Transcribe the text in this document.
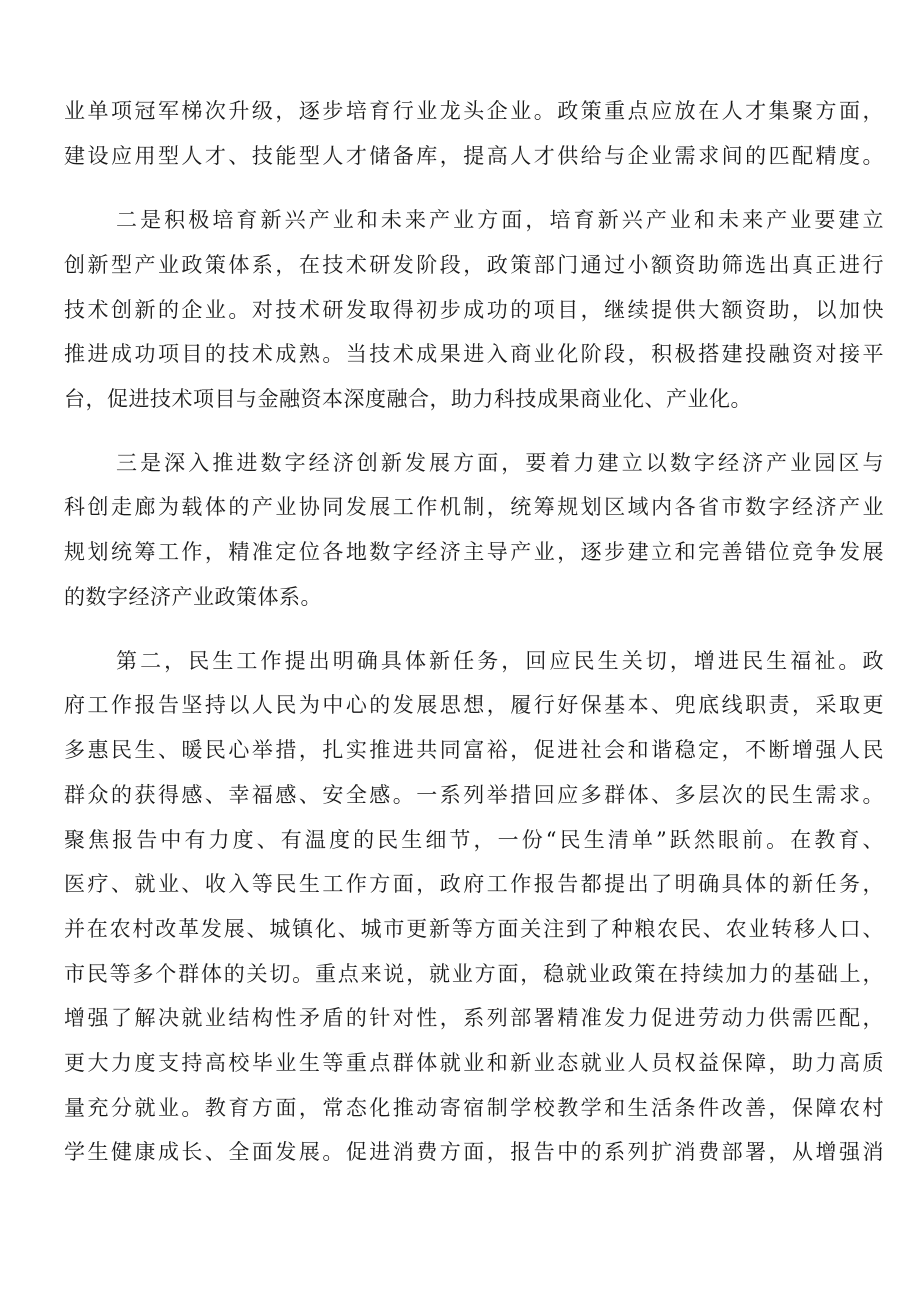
业单项冠军梯次升级，逐步培育行业龙头企业。政策重点应放在人才集聚方面，

建设应用型人才、技能型人才储备库，提高人才供给与企业需求间的匹配精度。

二是积极培育新兴产业和未来产业方面，培育新兴产业和未来产业要建立

创新型产业政策体系，在技术研发阶段，政策部门通过小额资助筛选出真正进行

技术创新的企业。对技术研发取得初步成功的项目，继续提供大额资助，以加快

推进成功项目的技术成熟。当技术成果进入商业化阶段，积极搭建投融资对接平

台，促进技术项目与金融资本深度融合，助力科技成果商业化、产业化。

三是深入推进数字经济创新发展方面，要着力建立以数字经济产业园区与

科创走廊为载体的产业协同发展工作机制，统筹规划区域内各省市数字经济产业

规划统筹工作，精准定位各地数字经济主导产业，逐步建立和完善错位竞争发展

的数字经济产业政策体系。

第二，民生工作提出明确具体新任务，回应民生关切，增进民生福祉。政

府工作报告坚持以人民为中心的发展思想，履行好保基本、兜底线职责，采取更

多惠民生、暖民心举措，扎实推进共同富裕，促进社会和谐稳定，不断增强人民

群众的获得感、幸福感、安全感。一系列举措回应多群体、多层次的民生需求。

聚焦报告中有力度、有温度的民生细节，一份“民生清单”跃然眼前。在教育、

医疗、就业、收入等民生工作方面，政府工作报告都提出了明确具体的新任务，

并在农村改革发展、城镇化、城市更新等方面关注到了种粮农民、农业转移人口、

市民等多个群体的关切。重点来说，就业方面，稳就业政策在持续加力的基础上，

增强了解决就业结构性矛盾的针对性，系列部署精准发力促进劳动力供需匹配，

更大力度支持高校毕业生等重点群体就业和新业态就业人员权益保障，助力高质

量充分就业。教育方面，常态化推动寄宿制学校教学和生活条件改善，保障农村

学生健康成长、全面发展。促进消费方面，报告中的系列扩消费部署，从增强消
